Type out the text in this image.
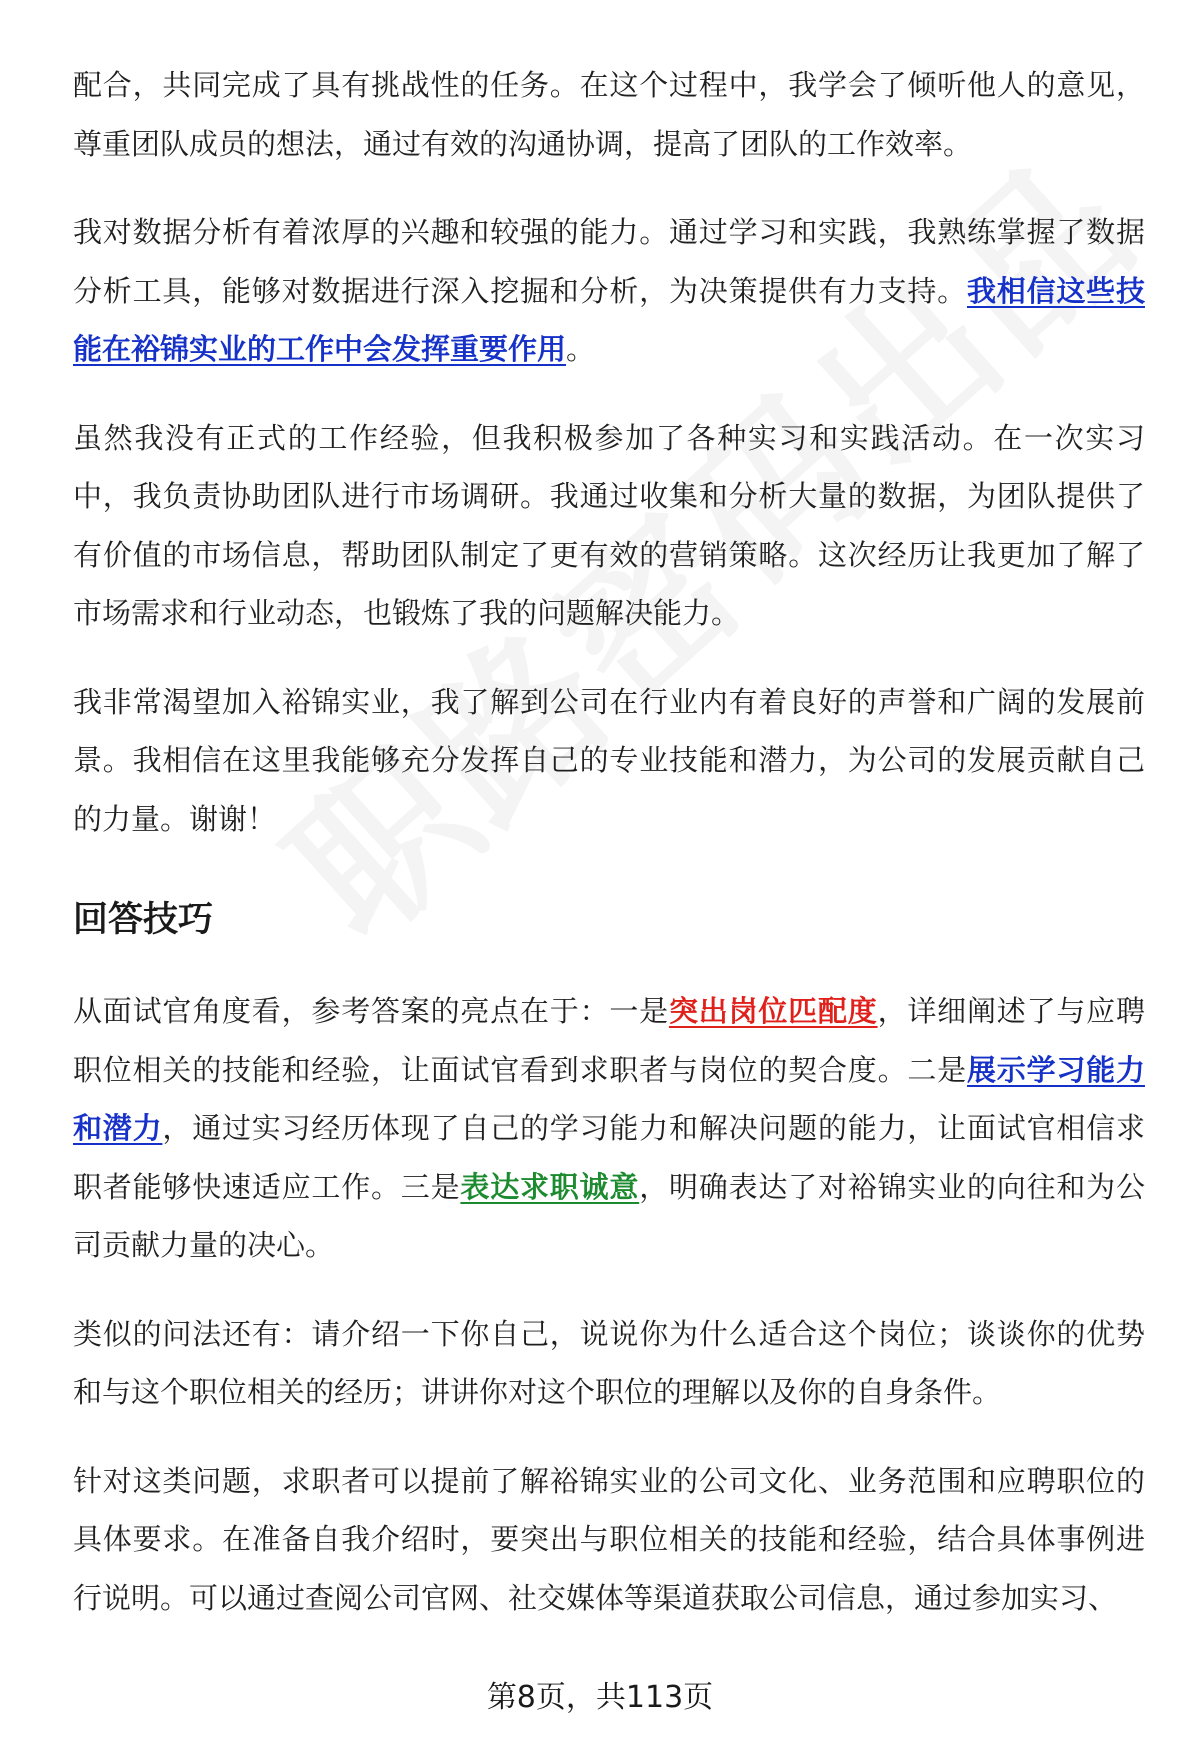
配合，共同完成了具有挑战性的任务。在这个过程中，我学会了倾听他人的意见，尊重团队成员的想法，通过有效的沟通协调，提高了团队的工作效率。

我对数据分析有着浓厚的兴趣和较强的能力。通过学习和实践，我熟练掌握了数据分析工具，能够对数据进行深入挖掘和分析，为决策提供有力支持。我相信这些技能在裕锦实业的工作中会发挥重要作用。

虽然我没有正式的工作经验，但我积极参加了各种实习和实践活动。在一次实习中，我负责协助团队进行市场调研。我通过收集和分析大量的数据，为团队提供了有价值的市场信息，帮助团队制定了更有效的营销策略。这次经历让我更加了解了市场需求和行业动态，也锻炼了我的问题解决能力。

我非常渴望加入裕锦实业，我了解到公司在行业内有着良好的声誉和广阔的发展前景。我相信在这里我能够充分发挥自己的专业技能和潜力，为公司的发展贡献自己的力量。谢谢！

回答技巧

从面试官角度看，参考答案的亮点在于：一是突出岗位匹配度，详细阐述了与应聘职位相关的技能和经验，让面试官看到求职者与岗位的契合度。二是展示学习能力和潜力，通过实习经历体现了自己的学习能力和解决问题的能力，让面试官相信求职者能够快速适应工作。三是表达求职诚意，明确表达了对裕锦实业的向往和为公司贡献力量的决心。

类似的问法还有：请介绍一下你自己，说说你为什么适合这个岗位；谈谈你的优势和与这个职位相关的经历；讲讲你对这个职位的理解以及你的自身条件。

针对这类问题，求职者可以提前了解裕锦实业的公司文化、业务范围和应聘职位的具体要求。在准备自我介绍时，要突出与职位相关的技能和经验，结合具体事例进行说明。可以通过查阅公司官网、社交媒体等渠道获取公司信息，通过参加实习、

第8页，共113页
